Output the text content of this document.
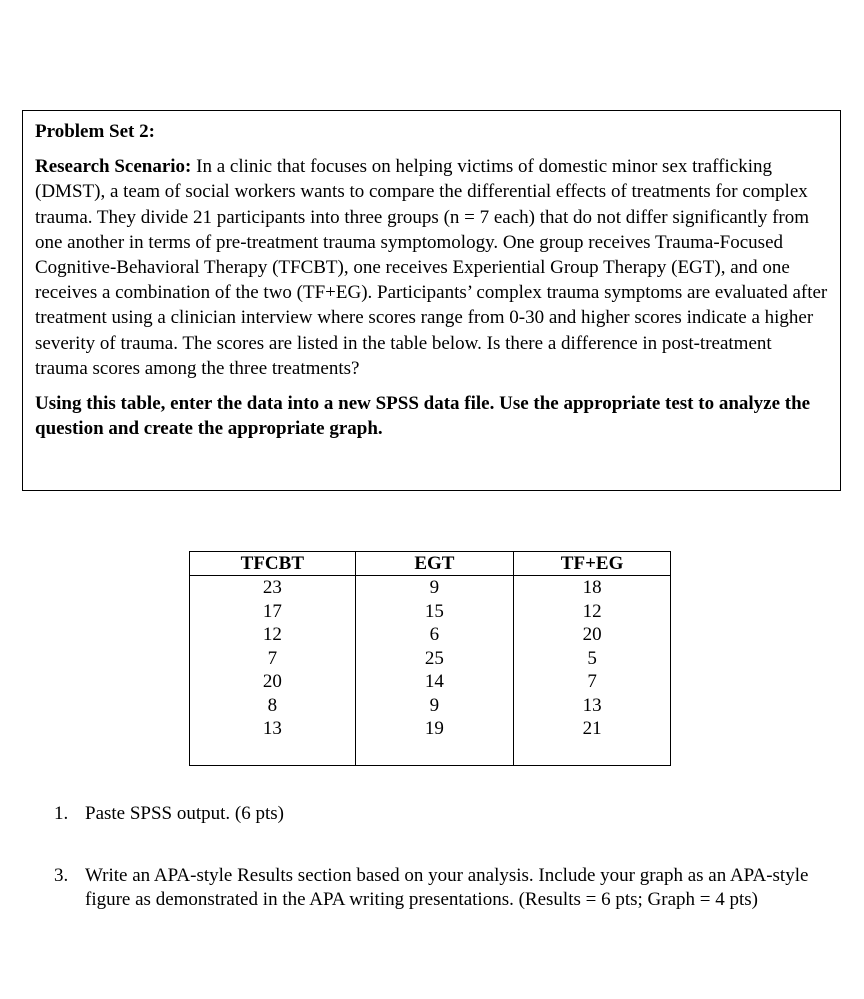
Problem Set 2:

Research Scenario: In a clinic that focuses on helping victims of domestic minor sex trafficking (DMST), a team of social workers wants to compare the differential effects of treatments for complex trauma. They divide 21 participants into three groups (n = 7 each) that do not differ significantly from one another in terms of pre-treatment trauma symptomology. One group receives Trauma-Focused Cognitive-Behavioral Therapy (TFCBT), one receives Experiential Group Therapy (EGT), and one receives a combination of the two (TF+EG). Participants’ complex trauma symptoms are evaluated after treatment using a clinician interview where scores range from 0-30 and higher scores indicate a higher severity of trauma. The scores are listed in the table below. Is there a difference in post-treatment trauma scores among the three treatments?

Using this table, enter the data into a new SPSS data file. Use the appropriate test to analyze the question and create the appropriate graph.

TFCBT	EGT	TF+EG
23	9	18
17	15	12
12	6	20
7	25	5
20	14	7
8	9	13
13	19	21

1. Paste SPSS output. (6 pts)
3. Write an APA-style Results section based on your analysis. Include your graph as an APA-style figure as demonstrated in the APA writing presentations. (Results = 6 pts; Graph = 4 pts)
